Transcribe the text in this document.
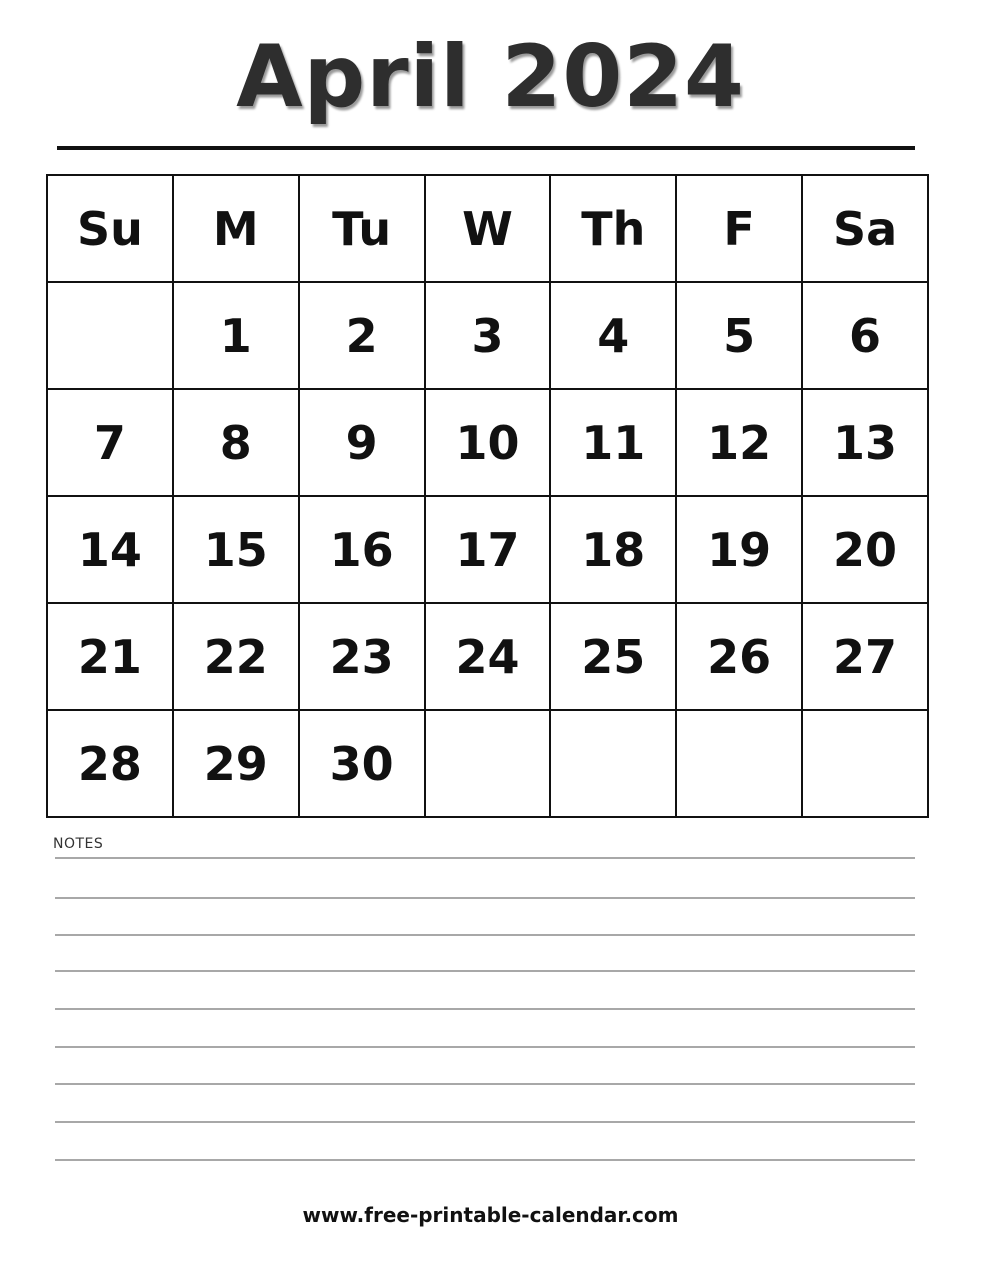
April 2024
Su	M	Tu	W	Th	F	Sa
	1	2	3	4	5	6
7	8	9	10	11	12	13
14	15	16	17	18	19	20
21	22	23	24	25	26	27
28	29	30				
NOTES
www.free-printable-calendar.com
